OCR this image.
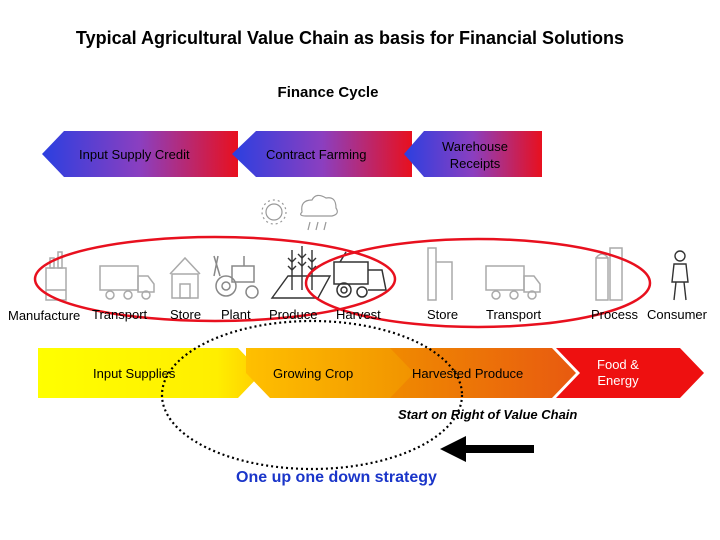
Typical Agricultural Value Chain as basis for Financial Solutions
Finance Cycle
Input Supply Credit	Contract Farming
Warehouse Receipts
Manufacture Transport Store Plant Produce Harvest	Store Transport	Process Consumer
Input Supplies	Growing Crop	Harvested Produce
Food & Energy
Start on Right of Value Chain
One up one down strategy
